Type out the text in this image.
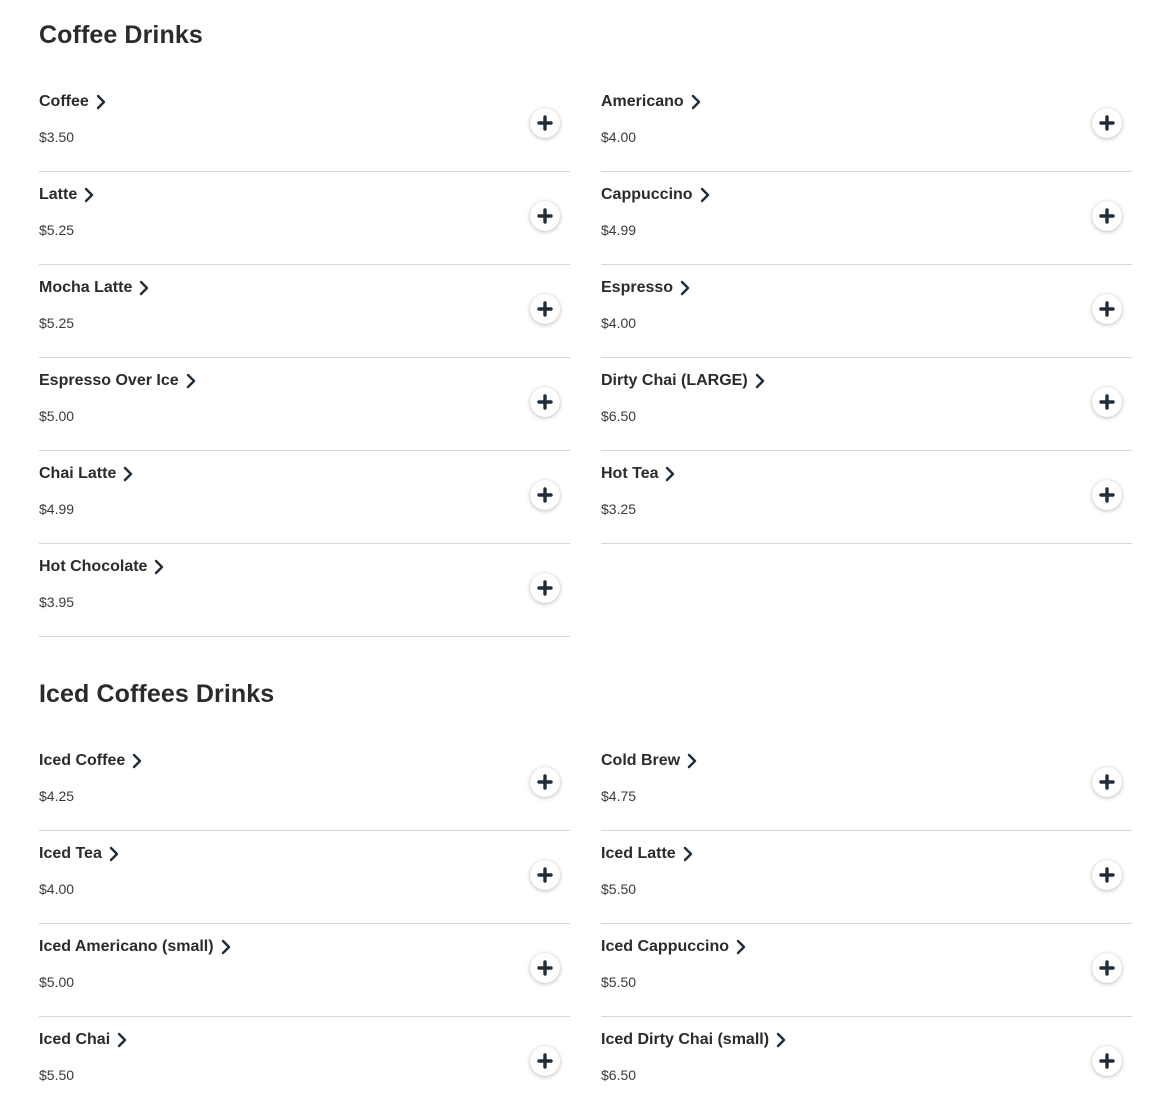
Coffee Drinks
Coffee
$3.50
Americano
$4.00
Latte
$5.25
Cappuccino
$4.99
Mocha Latte
$5.25
Espresso
$4.00
Espresso Over Ice
$5.00
Dirty Chai (LARGE)
$6.50
Chai Latte
$4.99
Hot Tea
$3.25
Hot Chocolate
$3.95
Iced Coffees Drinks
Iced Coffee
$4.25
Cold Brew
$4.75
Iced Tea
$4.00
Iced Latte
$5.50
Iced Americano (small)
$5.00
Iced Cappuccino
$5.50
Iced Chai
$5.50
Iced Dirty Chai (small)
$6.50
